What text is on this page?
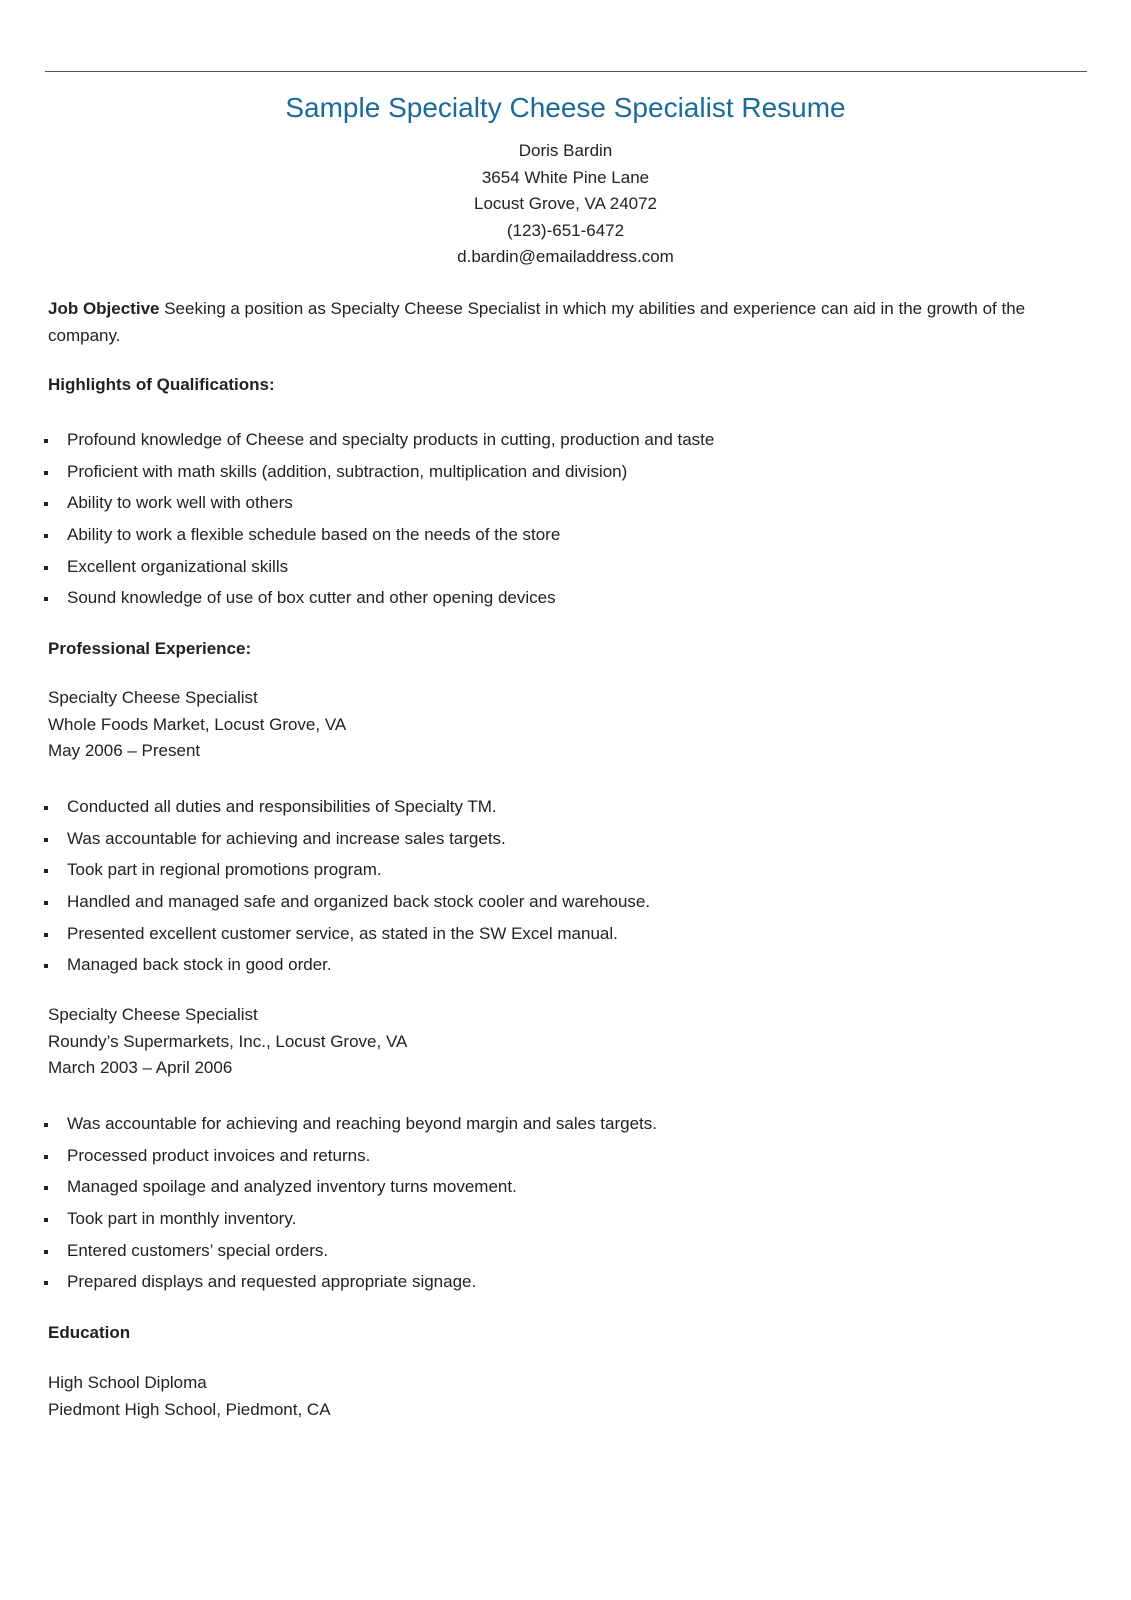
Sample Specialty Cheese Specialist Resume
Doris Bardin
3654 White Pine Lane
Locust Grove, VA 24072
(123)-651-6472
d.bardin@emailaddress.com
Job Objective Seeking a position as Specialty Cheese Specialist in which my abilities and experience can aid in the growth of the company.
Highlights of Qualifications:
Profound knowledge of Cheese and specialty products in cutting, production and taste
Proficient with math skills (addition, subtraction, multiplication and division)
Ability to work well with others
Ability to work a flexible schedule based on the needs of the store
Excellent organizational skills
Sound knowledge of use of box cutter and other opening devices
Professional Experience:
Specialty Cheese Specialist
Whole Foods Market, Locust Grove, VA
May 2006 – Present
Conducted all duties and responsibilities of Specialty TM.
Was accountable for achieving and increase sales targets.
Took part in regional promotions program.
Handled and managed safe and organized back stock cooler and warehouse.
Presented excellent customer service, as stated in the SW Excel manual.
Managed back stock in good order.
Specialty Cheese Specialist
Roundy’s Supermarkets, Inc., Locust Grove, VA
March 2003 – April 2006
Was accountable for achieving and reaching beyond margin and sales targets.
Processed product invoices and returns.
Managed spoilage and analyzed inventory turns movement.
Took part in monthly inventory.
Entered customers’ special orders.
Prepared displays and requested appropriate signage.
Education
High School Diploma
Piedmont High School, Piedmont, CA
